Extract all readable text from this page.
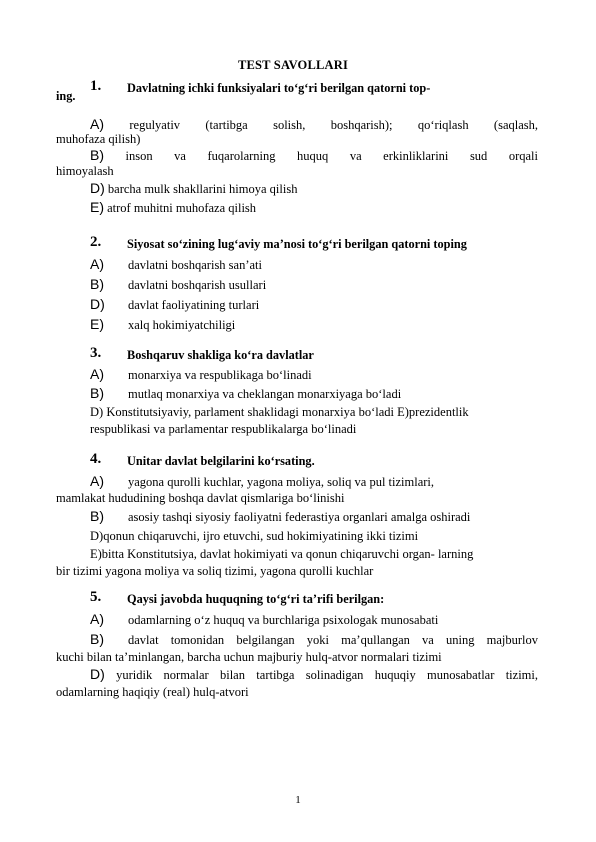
TEST SAVOLLARI
1. Davlatning ichki funksiyalari to‘g‘ri berilgan qatorni top-
ing.
A) regulyativ (tartibga solish, boshqarish); qo‘riqlash (saqlash,
muhofaza qilish)
B) inson va fuqarolarning huquq va erkinliklarini sud orqali
himoyalash
D) barcha mulk shakllarini himoya qilish
E) atrof muhitni muhofaza qilish
2. Siyosat so‘zining lug‘aviy ma’nosi to‘g‘ri berilgan qatorni toping
A) davlatni boshqarish san’ati
B) davlatni boshqarish usullari
D) davlat faoliyatining turlari
E) xalq hokimiyatchiligi
3. Boshqaruv shakliga ko‘ra davlatlar
A) monarxiya va respublikaga bo‘linadi
B) mutlaq monarxiya va cheklangan monarxiyaga bo‘ladi
D) Konstitutsiyaviy, parlament shaklidagi monarxiya bo‘ladi E)prezidentlik
respublikasi va parlamentar respublikalarga bo‘linadi
4. Unitar davlat belgilarini ko‘rsating.
A) yagona qurolli kuchlar, yagona moliya, soliq va pul tizimlari,
mamlakat hududining boshqa davlat qismlariga bo‘linishi
B) asosiy tashqi siyosiy faoliyatni federastiya organlari amalga oshiradi
D)qonun chiqaruvchi, ijro etuvchi, sud hokimiyatining ikki tizimi
E)bitta Konstitutsiya, davlat hokimiyati va qonun chiqaruvchi organ- larning
bir tizimi yagona moliya va soliq tizimi, yagona qurolli kuchlar
5. Qaysi javobda huquqning to‘g‘ri ta’rifi berilgan:
A) odamlarning o‘z huquq va burchlariga psixologak munosabati
B) davlat tomonidan belgilangan yoki ma’qullangan va uning majburlov
kuchi bilan ta’minlangan, barcha uchun majburiy hulq-atvor normalari tizimi
D) yuridik normalar bilan tartibga solinadigan huquqiy munosabatlar tizimi,
odamlarning haqiqiy (real) hulq-atvori
1
